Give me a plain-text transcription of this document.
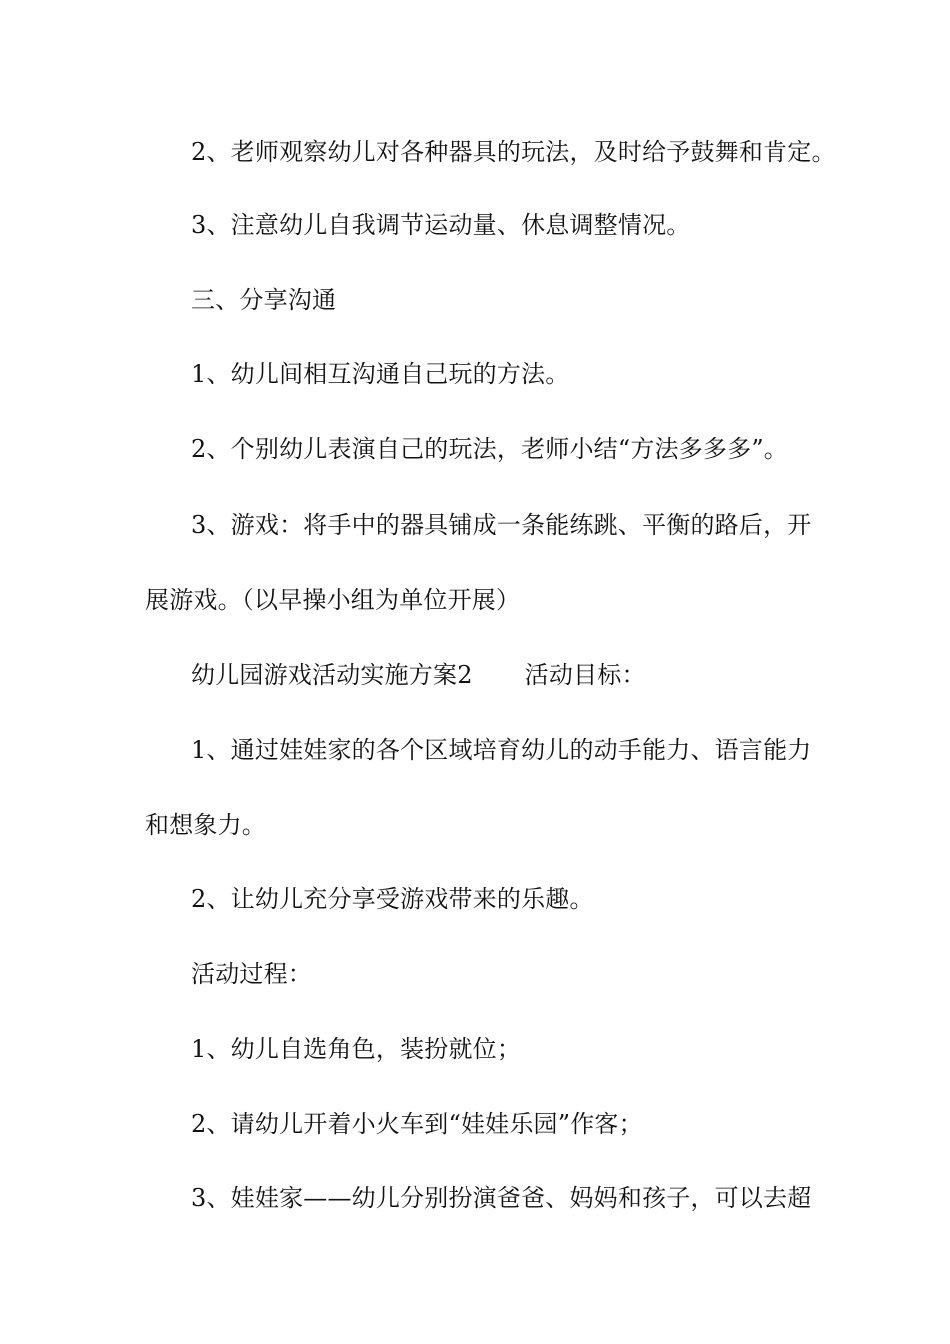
2、老师观察幼儿对各种器具的玩法，及时给予鼓舞和肯定。
3、注意幼儿自我调节运动量、休息调整情况。
三、分享沟通
1、幼儿间相互沟通自己玩的方法。
2、个别幼儿表演自己的玩法，老师小结“方法多多多”。
3、游戏：将手中的器具铺成一条能练跳、平衡的路后，开
展游戏。（以早操小组为单位开展）
幼儿园游戏活动实施方案2 活动目标：
1、通过娃娃家的各个区域培育幼儿的动手能力、语言能力
和想象力。
2、让幼儿充分享受游戏带来的乐趣。
活动过程：
1、幼儿自选角色，装扮就位；
2、请幼儿开着小火车到“娃娃乐园”作客；
3、娃娃家——幼儿分别扮演爸爸、妈妈和孩子，可以去超
